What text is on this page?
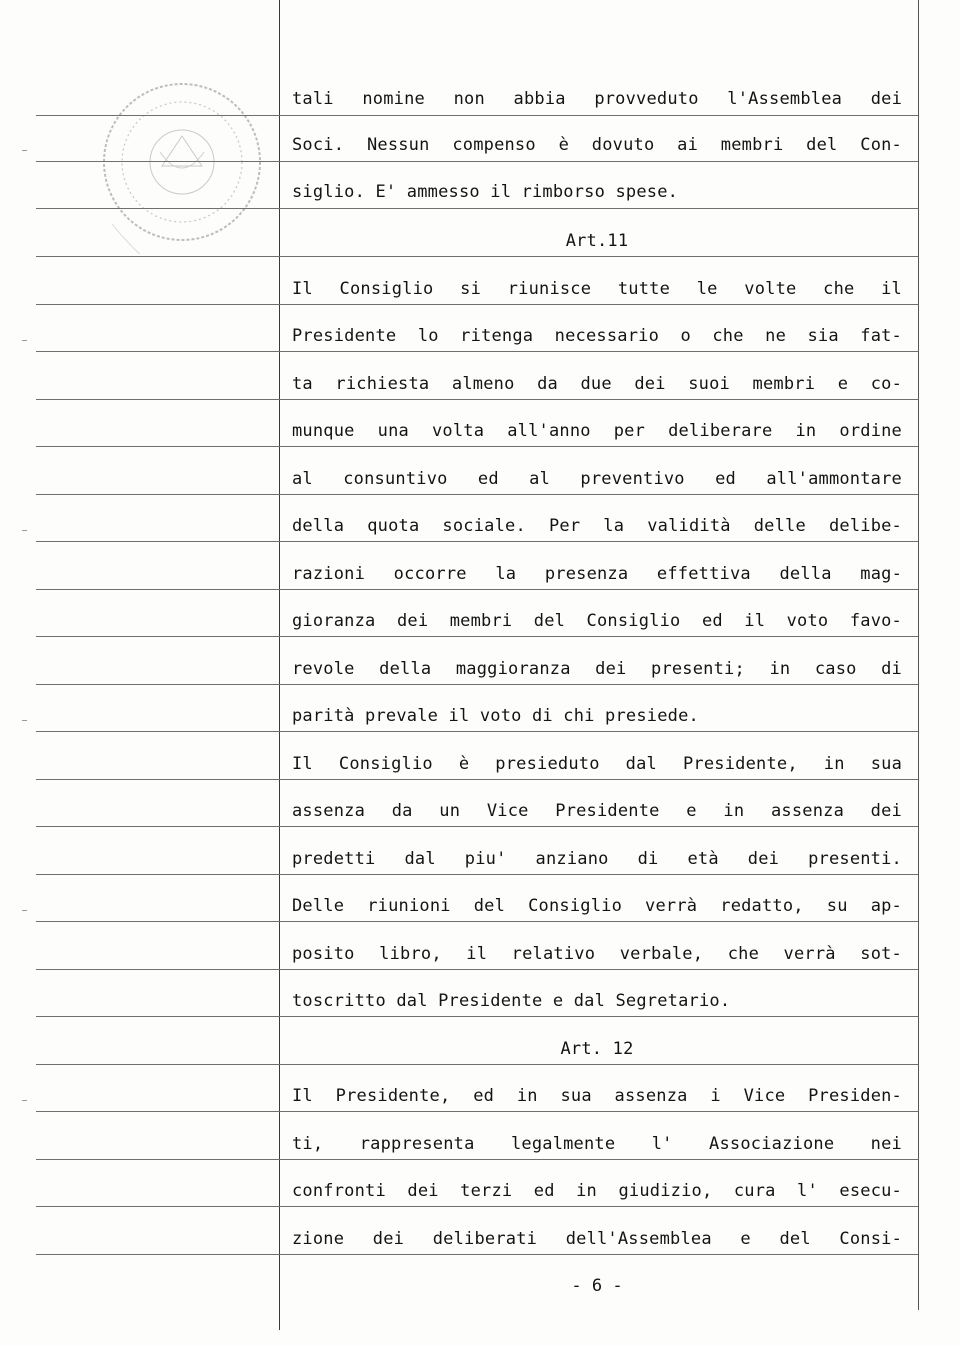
tali nomine non abbia provveduto l'Assemblea dei
Soci. Nessun compenso è dovuto ai membri del Con-
siglio. E' ammesso il rimborso spese.
Art.11
Il Consiglio si riunisce tutte le volte che il
Presidente lo ritenga necessario o che ne sia fat-
ta richiesta almeno da due dei suoi membri e co-
munque una volta all'anno per deliberare in ordine
al consuntivo ed al preventivo ed all'ammontare
della quota sociale. Per la validità delle delibe-
razioni occorre la presenza effettiva della mag-
gioranza dei membri del Consiglio ed il voto favo-
revole della maggioranza dei presenti; in caso di
parità prevale il voto di chi presiede.
Il Consiglio è presieduto dal Presidente, in sua
assenza da un Vice Presidente e in assenza dei
predetti dal piu' anziano di età dei presenti.
Delle riunioni del Consiglio verrà redatto, su ap-
posito libro, il relativo verbale, che verrà sot-
toscritto dal Presidente e dal Segretario.
Art. 12
Il Presidente, ed in sua assenza i Vice Presiden-
ti, rappresenta legalmente l' Associazione nei
confronti dei terzi ed in giudizio, cura l' esecu-
zione dei deliberati dell'Assemblea e del Consi-
- 6 -
